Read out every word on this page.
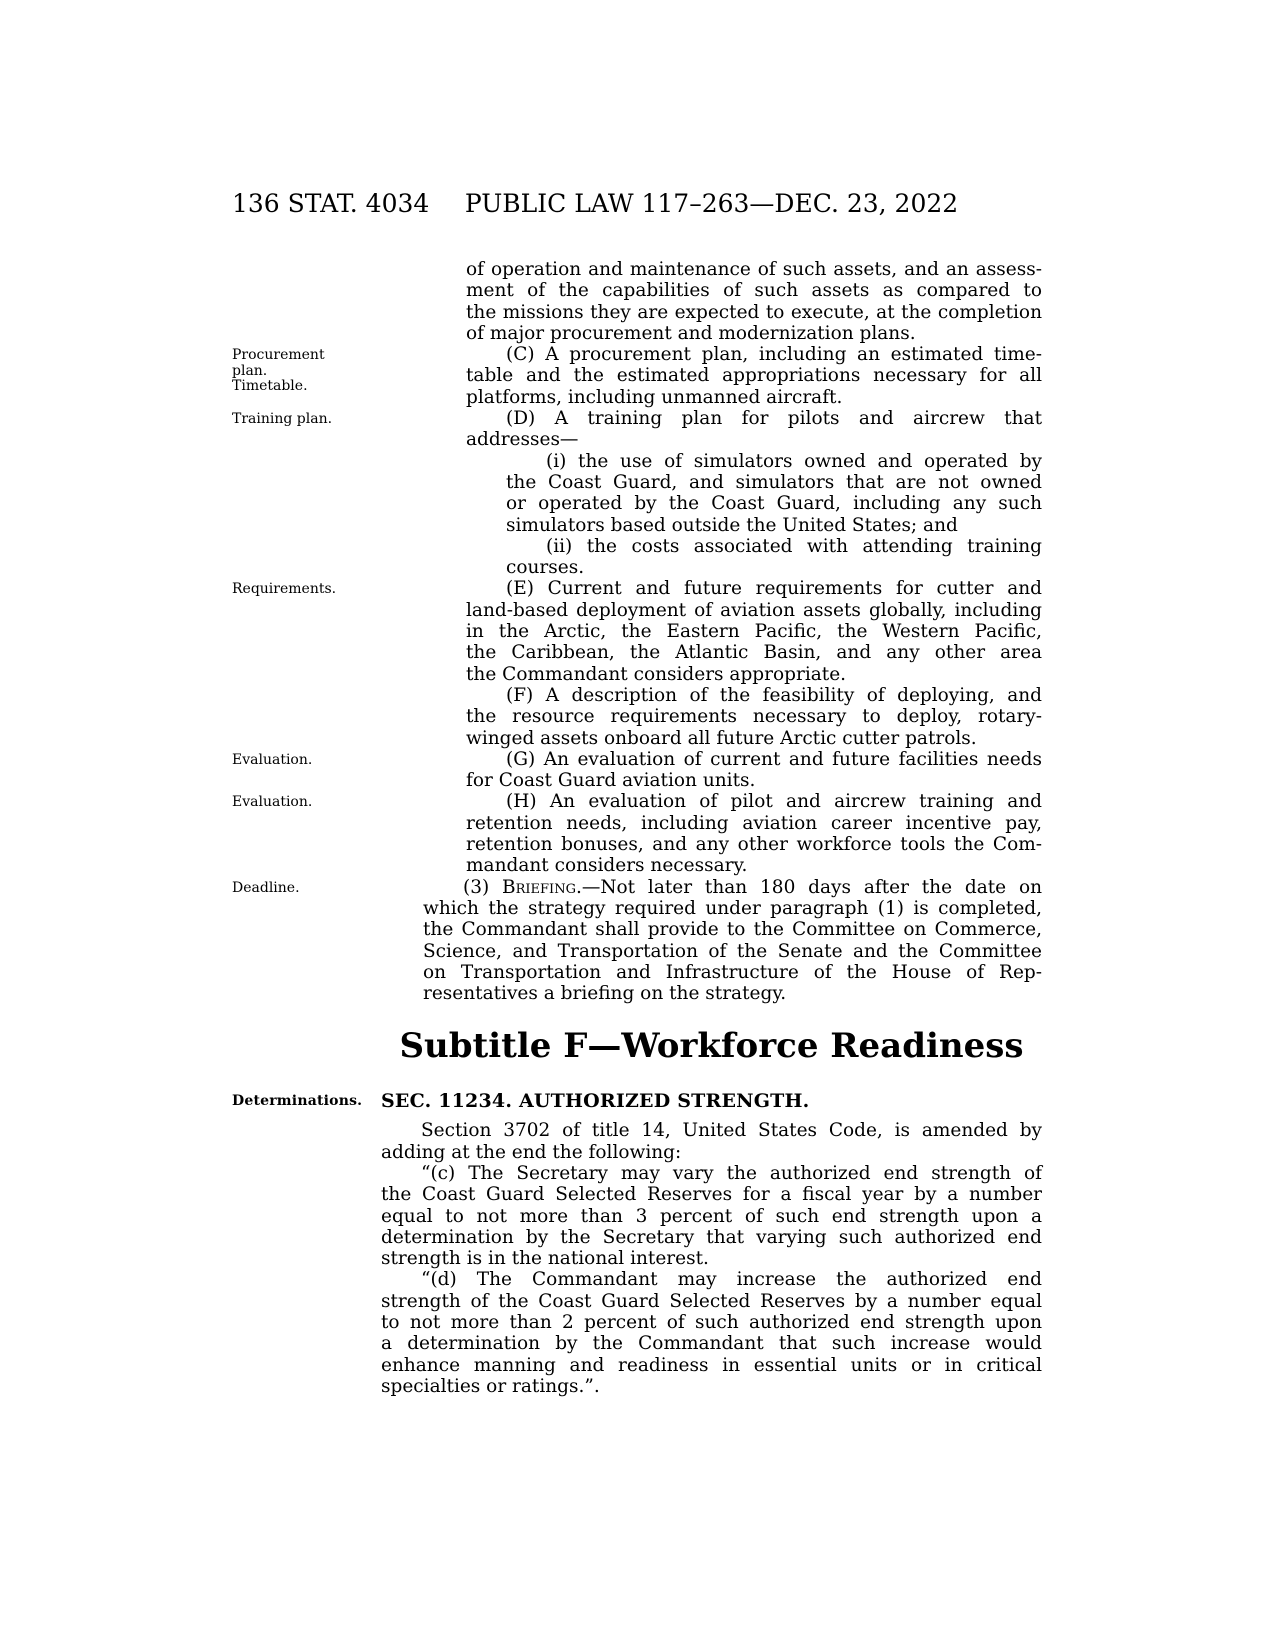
136 STAT. 4034	PUBLIC LAW 117–263—DEC. 23, 2022
of operation and maintenance of such assets, and an assess-
ment of the capabilities of such assets as compared to
the missions they are expected to execute, at the completion
of major procurement and modernization plans.
(C) A procurement plan, including an estimated time-
table and the estimated appropriations necessary for all
platforms, including unmanned aircraft.
Procurement
plan.
Timetable.
(D) A training plan for pilots and aircrew that
addresses—
Training plan.
(i) the use of simulators owned and operated by
the Coast Guard, and simulators that are not owned
or operated by the Coast Guard, including any such
simulators based outside the United States; and
(ii) the costs associated with attending training
courses.
(E) Current and future requirements for cutter and
land-based deployment of aviation assets globally, including
in the Arctic, the Eastern Pacific, the Western Pacific,
the Caribbean, the Atlantic Basin, and any other area
the Commandant considers appropriate.
Requirements.
(F) A description of the feasibility of deploying, and
the resource requirements necessary to deploy, rotary-
winged assets onboard all future Arctic cutter patrols.
(G) An evaluation of current and future facilities needs
for Coast Guard aviation units.
Evaluation.
(H) An evaluation of pilot and aircrew training and
retention needs, including aviation career incentive pay,
retention bonuses, and any other workforce tools the Com-
mandant considers necessary.
Evaluation.
(3) Briefing.—Not later than 180 days after the date on
which the strategy required under paragraph (1) is completed,
the Commandant shall provide to the Committee on Commerce,
Science, and Transportation of the Senate and the Committee
on Transportation and Infrastructure of the House of Rep-
resentatives a briefing on the strategy.
Deadline.
Subtitle F—Workforce Readiness
SEC. 11234. AUTHORIZED STRENGTH.
Determinations.
Section 3702 of title 14, United States Code, is amended by
adding at the end the following:
“(c) The Secretary may vary the authorized end strength of
the Coast Guard Selected Reserves for a fiscal year by a number
equal to not more than 3 percent of such end strength upon a
determination by the Secretary that varying such authorized end
strength is in the national interest.
“(d) The Commandant may increase the authorized end
strength of the Coast Guard Selected Reserves by a number equal
to not more than 2 percent of such authorized end strength upon
a determination by the Commandant that such increase would
enhance manning and readiness in essential units or in critical
specialties or ratings.”.
